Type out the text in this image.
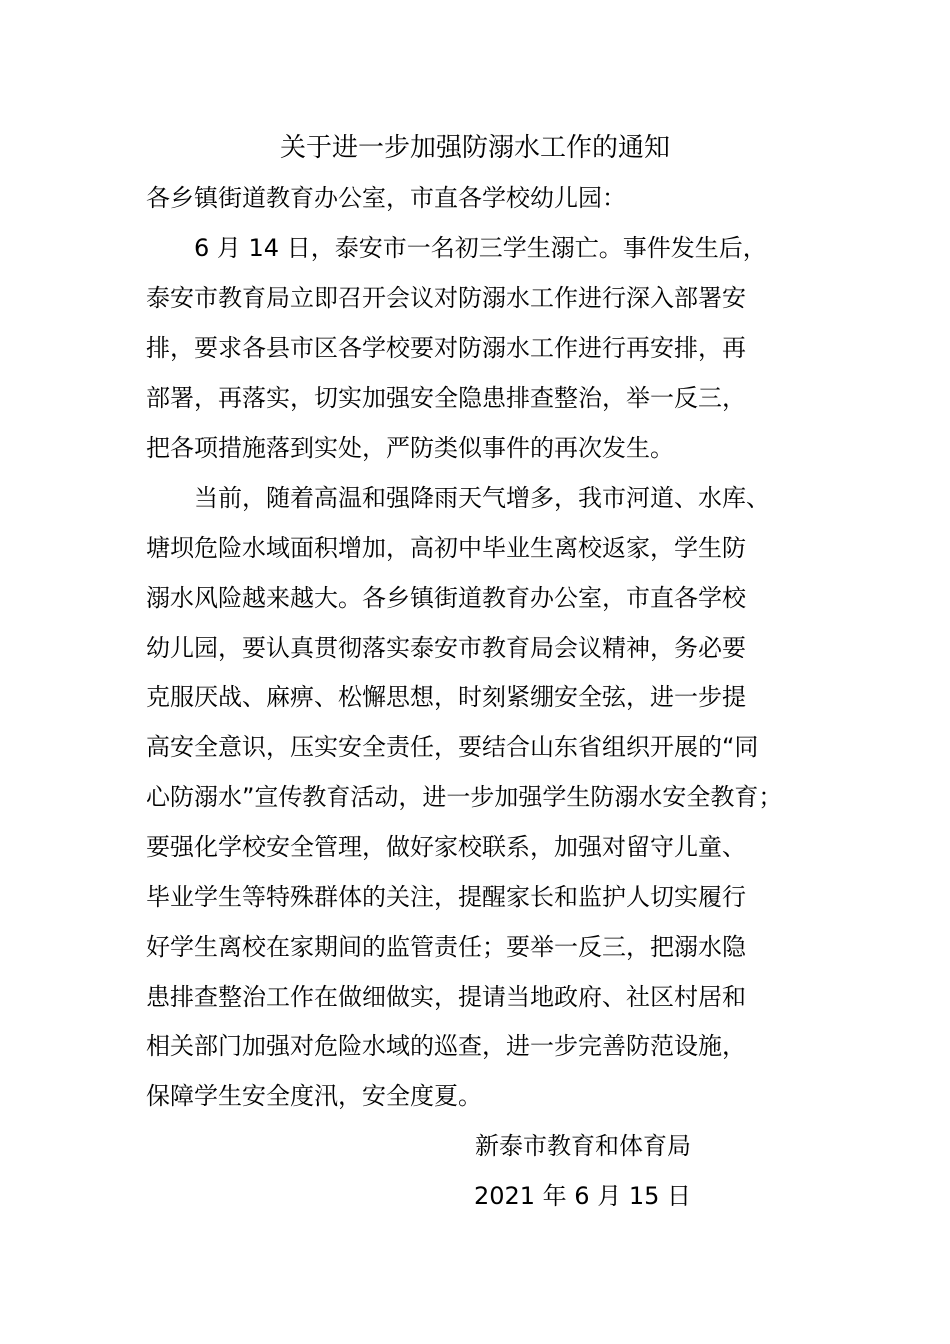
关于进一步加强防溺水工作的通知
各乡镇街道教育办公室，市直各学校幼儿园：
6 月 14 日，泰安市一名初三学生溺亡。事件发生后，
泰安市教育局立即召开会议对防溺水工作进行深入部署安
排，要求各县市区各学校要对防溺水工作进行再安排，再
部署，再落实，切实加强安全隐患排查整治，举一反三，
把各项措施落到实处，严防类似事件的再次发生。
当前，随着高温和强降雨天气增多，我市河道、水库、
塘坝危险水域面积增加，高初中毕业生离校返家，学生防
溺水风险越来越大。各乡镇街道教育办公室，市直各学校
幼儿园，要认真贯彻落实泰安市教育局会议精神，务必要
克服厌战、麻痹、松懈思想，时刻紧绷安全弦，进一步提
高安全意识，压实安全责任，要结合山东省组织开展的“同
心防溺水”宣传教育活动，进一步加强学生防溺水安全教育；
要强化学校安全管理，做好家校联系，加强对留守儿童、
毕业学生等特殊群体的关注，提醒家长和监护人切实履行
好学生离校在家期间的监管责任；要举一反三，把溺水隐
患排查整治工作在做细做实，提请当地政府、社区村居和
相关部门加强对危险水域的巡查，进一步完善防范设施，
保障学生安全度汛，安全度夏。
新泰市教育和体育局
2021 年 6 月 15 日
